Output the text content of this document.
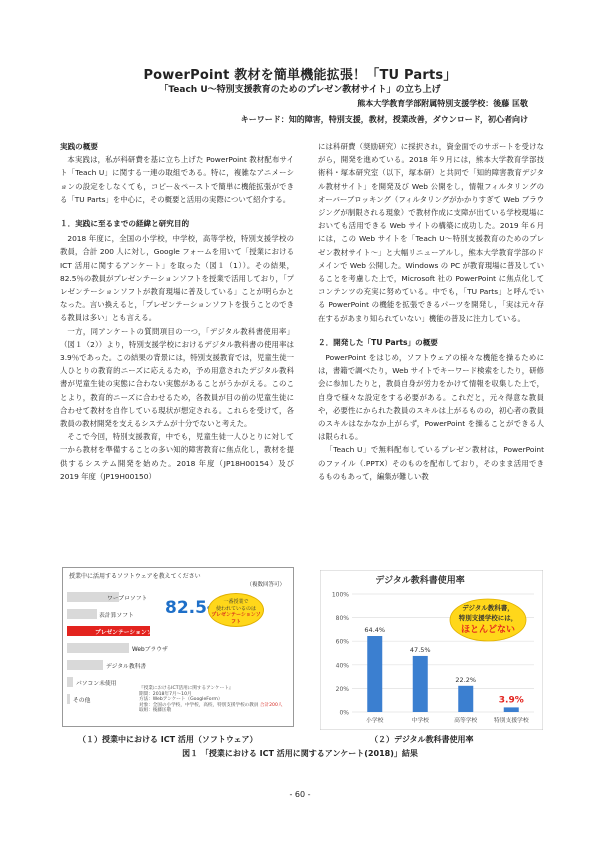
PowerPoint 教材を簡単機能拡張！「TU Parts」
「Teach U～特別支援教育のためのプレゼン教材サイト」の立ち上げ
熊本大学教育学部附属特別支援学校：後藤 匡敬
キーワード：知的障害，特別支援，教材，授業改善，ダウンロード，初心者向け
実践の概要

本実践は，私が科研費を基に立ち上げた PowerPoint 教材配布サイト「Teach U」に関する一連の取組である。特に，複雑なアニメーションの設定をしなくても，コピー＆ペーストで簡単に機能拡張ができる「TU Parts」を中心に，その概要と活用の実際について紹介する。

１．実践に至るまでの経緯と研究目的

2018 年度に，全国の小学校，中学校，高等学校，特別支援学校の教員，合計 200 人に対し，Google フォームを用いて「授業における ICT 活用に関するアンケート」を取った（図１（1））。その結果，82.5％の教員がプレゼンテーションソフトを授業で活用しており，「プレゼンテーションソフトが教育現場に普及している」ことが明らかとなった。言い換えると，「プレゼンテーションソフトを扱うことのできる教員は多い」とも言える。

一方，同アンケートの質問項目の一つ，「デジタル教科書使用率」（図１（2））より，特別支援学校におけるデジタル教科書の使用率は 3.9％であった。この結果の背景には，特別支援教育では，児童生徒一人ひとりの教育的ニーズに応えるため，予め用意されたデジタル教科書が児童生徒の実態に合わない実態があることがうかがえる。このことより，教育的ニーズに合わせるため，各教員が目の前の児童生徒に合わせて教材を自作している現状が想定される。これらを受けて，各教員の教材開発を支えるシステムが十分でないと考えた。

そこで今回，特別支援教育，中でも，児童生徒一人ひとりに対して一から教材を準備することの多い知的障害教育に焦点化し，教材を提供するシステム開発を始めた。2018 年度（JP18H00154）及び 2019 年度（JP19H00150）

には科研費（奨励研究）に採択され，資金面でのサポートを受けながら，開発を進めている。2018 年９月には，熊本大学教育学部技術科・塚本研究室（以下，塚本研）と共同で「知的障害教育デジタル教材サイト」を開発及び Web 公開をし，情報フィルタリングのオーバーブロッキング（フィルタリングがかかりすぎて Web ブラウジングが制限される現象）で教材作成に支障が出ている学校現場においても活用できる Web サイトの構築に成功した。2019 年６月には，この Web サイトを「Teach U～特別支援教育のためのプレゼン教材サイト～」と大幅リニューアルし，熊本大学教育学部のドメインで Web 公開した。Windows の PC が教育現場に普及していることを考慮した上で，Microsoft 社の PowerPoint に焦点化してコンテンツの充実に努めている。中でも，「TU Parts」と呼んでいる PowerPoint の機能を拡張できるパーツを開発し，「実は元々存在するがあまり知られていない」機能の普及に注力している。

２．開発した「TU Parts」の概要

PowerPoint をはじめ，ソフトウェアの様々な機能を操るためには，書籍で調べたり，Web サイトでキーワード検索をしたり，研修会に参加したりと，教員自身が労力をかけて情報を収集した上で，自身で様々な設定をする必要がある。これだと，元々得意な教員や，必要性にかられた教員のスキルは上がるものの，初心者の教員のスキルはなかなか上がらず，PowerPoint を操ることができる人は限られる。

「Teach U」で無料配布しているプレゼン教材は，PowerPoint のファイル（.PPTX）そのものを配布しており，そのまま活用できるものもあって，編集が難しい教

授業中に活用するソフトウェアを教えてください
（複数回答可）
ワープロソフト
表計算ソフト
プレゼンテーションソフト
Webブラウザ
デジタル教科書
パソコン未使用
その他
82.5	一番授業で
使われているのは
プレゼンテーションソフト
『授業におけるICT活用に関するアンケート』
期間：2018年7月～10月
方法：Webアンケート（GoogleForm）
対象：全国の小学校，中学校，高校，特別支援学校の教員 合計200人
取組：後藤匡敬
デジタル教科書使用率
0%
20%
40%
60%
80%
100%
64.4%
小学校
47.5%
中学校
22.2%
高等学校
3.9%
特別支援学校
デジタル教科書，
特別支援学校には，
ほとんどない
（１）授業中における ICT 活用（ソフトウェア）	（２）デジタル教科書使用率
図１ 「授業における ICT 活用に関するアンケート(2018)」結果
- 60 -
